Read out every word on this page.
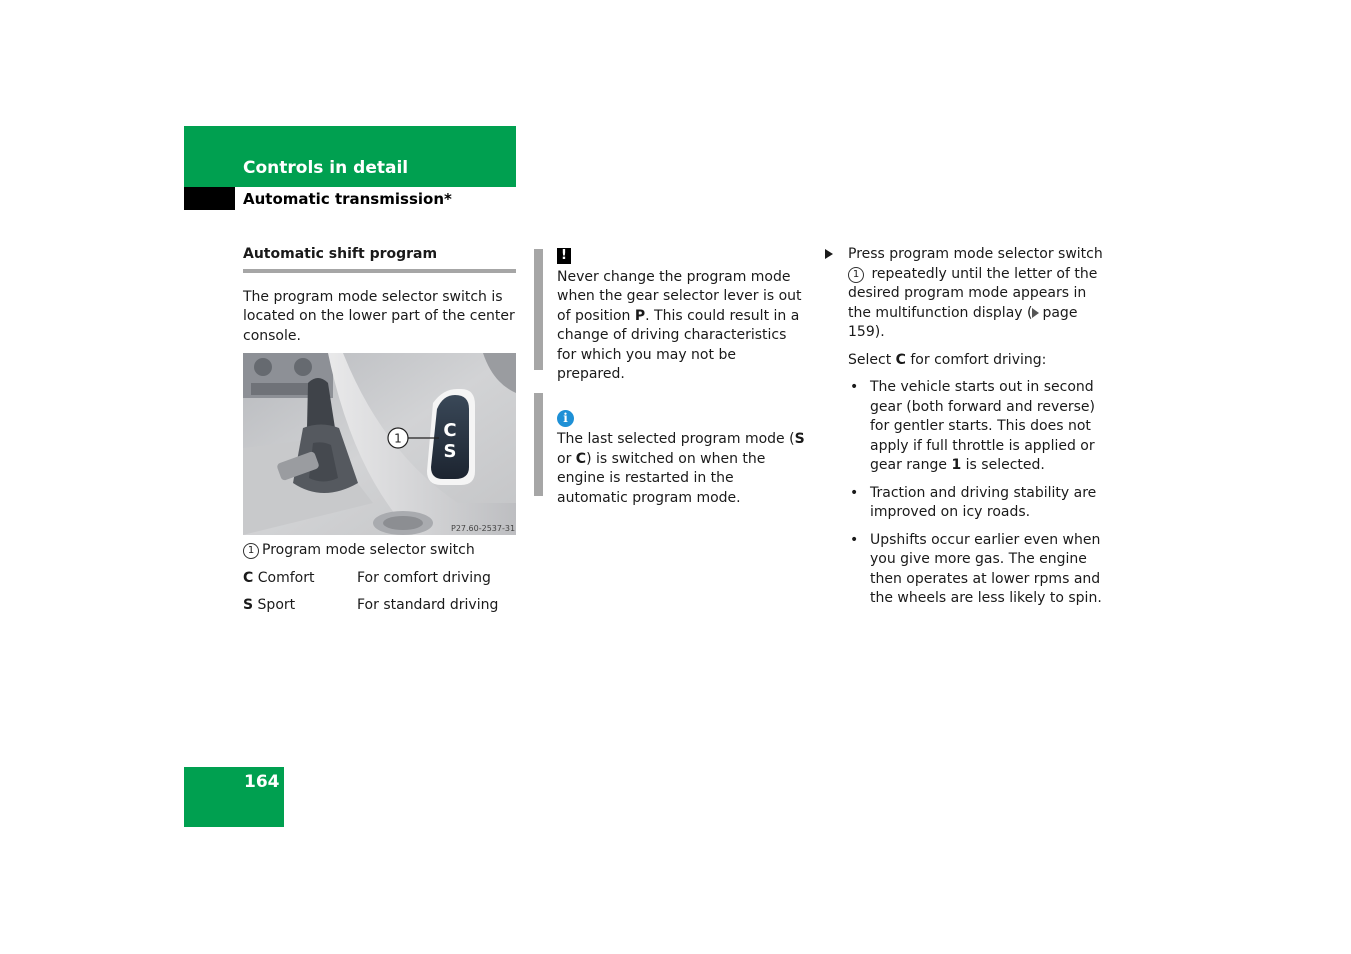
Controls in detail
Automatic transmission*
Automatic shift program
The program mode selector switch is located on the lower part of the center console.
C
S
1
P27.60-2537-31
1 Program mode selector switch
C Comfort	For comfort driving
S Sport	For standard driving
!
Never change the program mode when the gear selector lever is out of position P. This could result in a change of driving characteristics for which you may not be prepared.
i
The last selected program mode (S or C) is switched on when the engine is restarted in the automatic program mode.
Press program mode selector switch 1 repeatedly until the letter of the desired program mode appears in the multifunction display ( page 159).
Select C for comfort driving:
• The vehicle starts out in second gear (both forward and reverse) for gentler starts. This does not apply if full throttle is applied or gear range 1 is selected.
• Traction and driving stability are improved on icy roads.
• Upshifts occur earlier even when you give more gas. The engine then operates at lower rpms and the wheels are less likely to spin.
164
